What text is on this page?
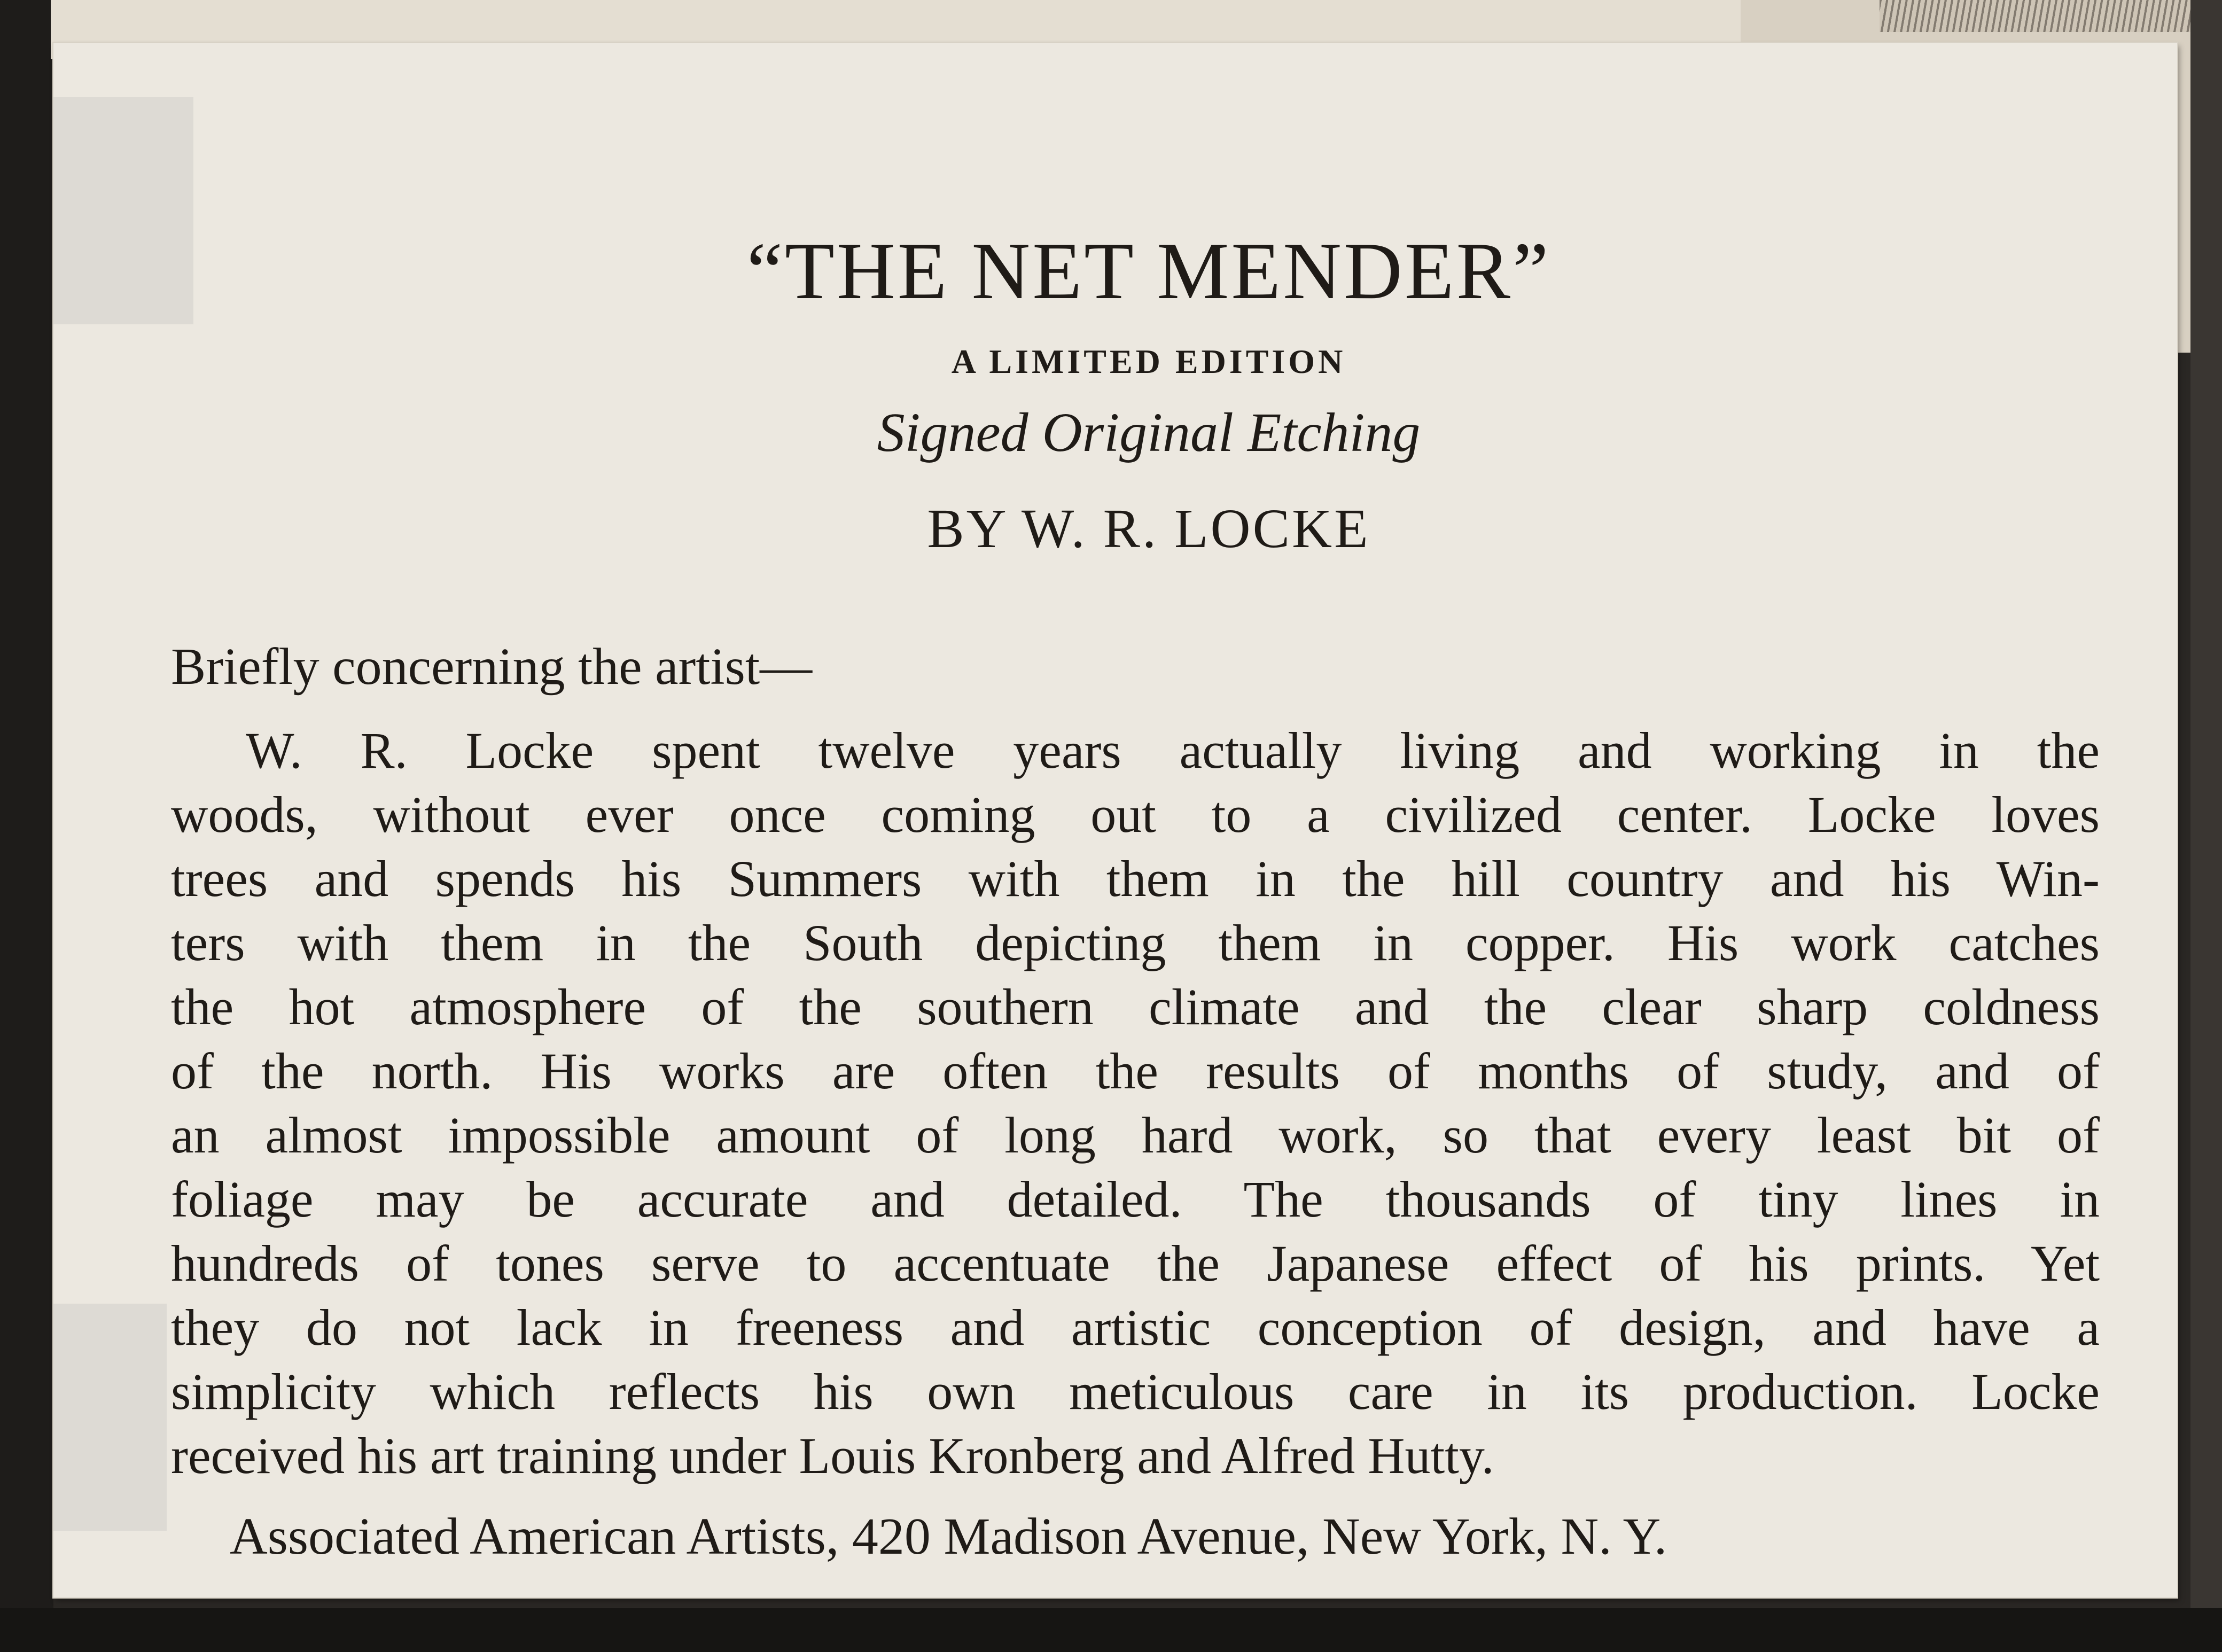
“THE NET MENDER”
A LIMITED EDITION
Signed Original Etching
BY W. R. LOCKE
Briefly concerning the artist—
W. R. Locke spent twelve years actually living and working in the
woods, without ever once coming out to a civilized center. Locke loves
trees and spends his Summers with them in the hill country and his Win-
ters with them in the South depicting them in copper. His work catches
the hot atmosphere of the southern climate and the clear sharp coldness
of the north. His works are often the results of months of study, and of
an almost impossible amount of long hard work, so that every least bit of
foliage may be accurate and detailed. The thousands of tiny lines in
hundreds of tones serve to accentuate the Japanese effect of his prints. Yet
they do not lack in freeness and artistic conception of design, and have a
simplicity which reflects his own meticulous care in its production. Locke
received his art training under Louis Kronberg and Alfred Hutty.
Associated American Artists, 420 Madison Avenue, New York, N. Y.
